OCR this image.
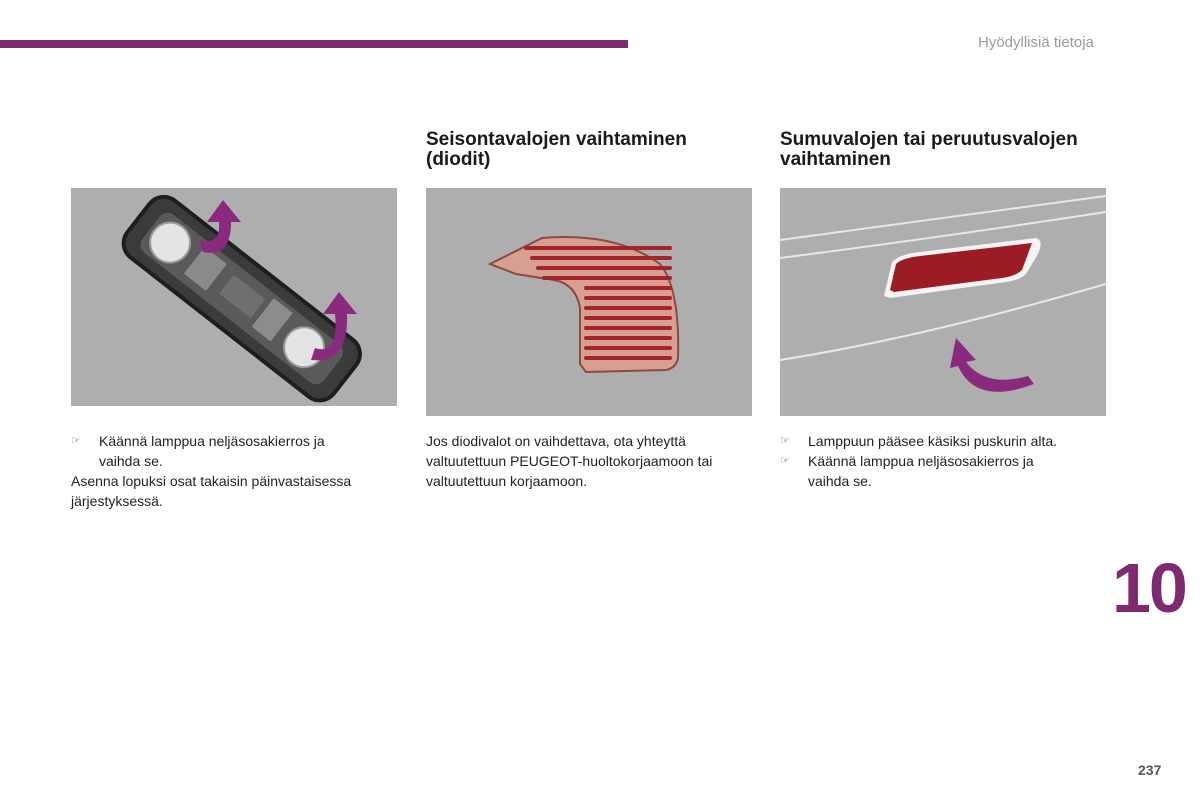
Hyödyllisiä tietoja
Seisontavalojen vaihtaminen
(diodit)
Sumuvalojen tai peruutusvalojen
vaihtaminen
☞	Käännä lamppua neljäsosakierros ja
vaihda se.
Asenna lopuksi osat takaisin päinvastaisessa
järjestyksessä.
Jos diodivalot on vaihdettava, ota yhteyttä
valtuutettuun PEUGEOT-huoltokorjaamoon tai
valtuutettuun korjaamoon.
☞	Lamppuun pääsee käsiksi puskurin alta.
☞	Käännä lamppua neljäsosakierros ja
vaihda se.
10
237
